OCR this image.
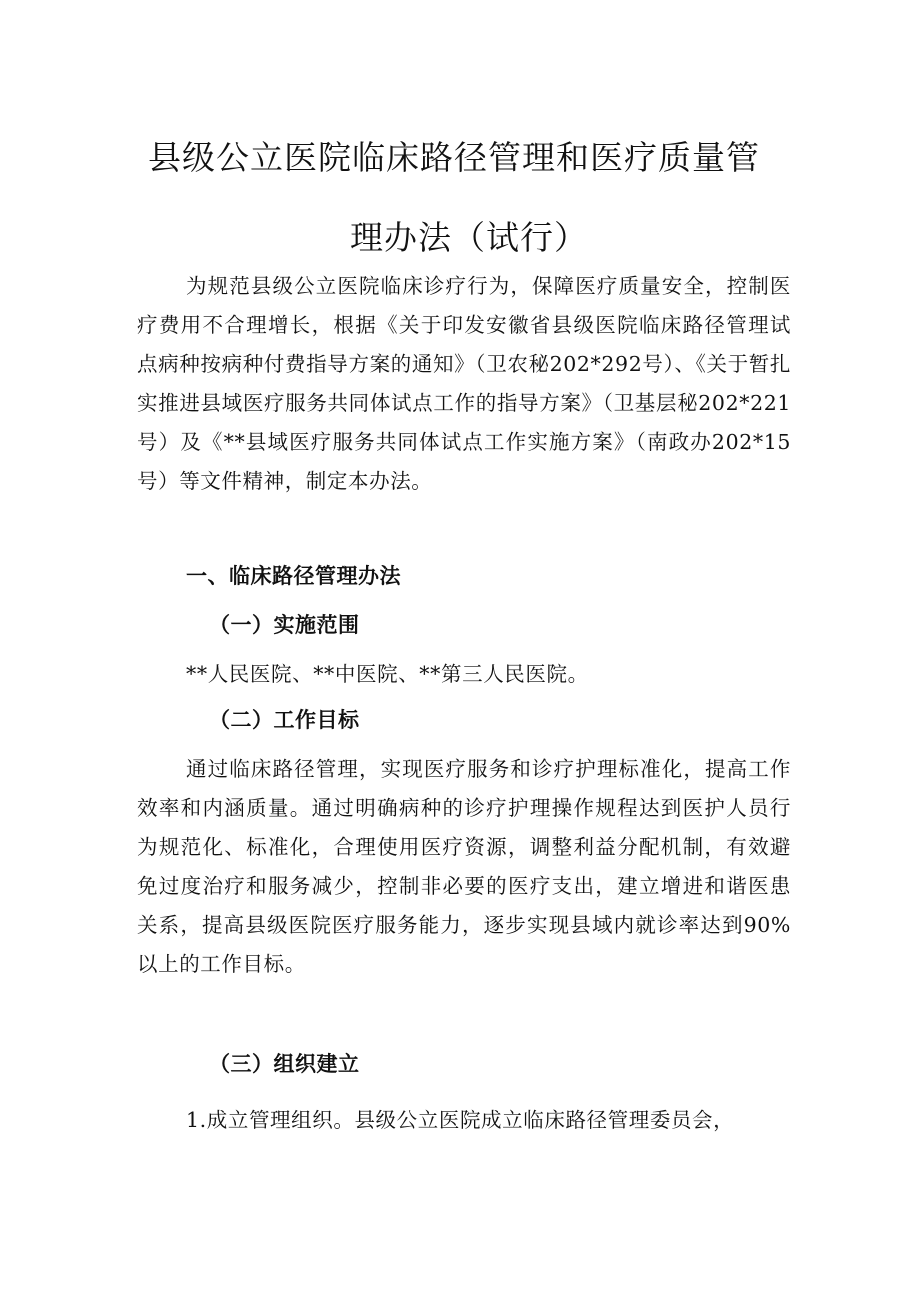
县级公立医院临床路径管理和医疗质量管
理办法（试行）

为规范县级公立医院临床诊疗行为，保障医疗质量安全，控制医疗费用不合理增长，根据《关于印发安徽省县级医院临床路径管理试点病种按病种付费指导方案的通知》（卫农秘202*292号）、《关于暂扎实推进县域医疗服务共同体试点工作的指导方案》（卫基层秘202*221号）及《**县域医疗服务共同体试点工作实施方案》（南政办202*15号）等文件精神，制定本办法。

一、临床路径管理办法
（一）实施范围
**人民医院、**中医院、**第三人民医院。
（二）工作目标

通过临床路径管理，实现医疗服务和诊疗护理标准化，提高工作效率和内涵质量。通过明确病种的诊疗护理操作规程达到医护人员行为规范化、标准化，合理使用医疗资源，调整利益分配机制，有效避免过度治疗和服务减少，控制非必要的医疗支出，建立增进和谐医患关系，提高县级医院医疗服务能力，逐步实现县域内就诊率达到90%以上的工作目标。

（三）组织建立
1.成立管理组织。县级公立医院成立临床路径管理委员会，
